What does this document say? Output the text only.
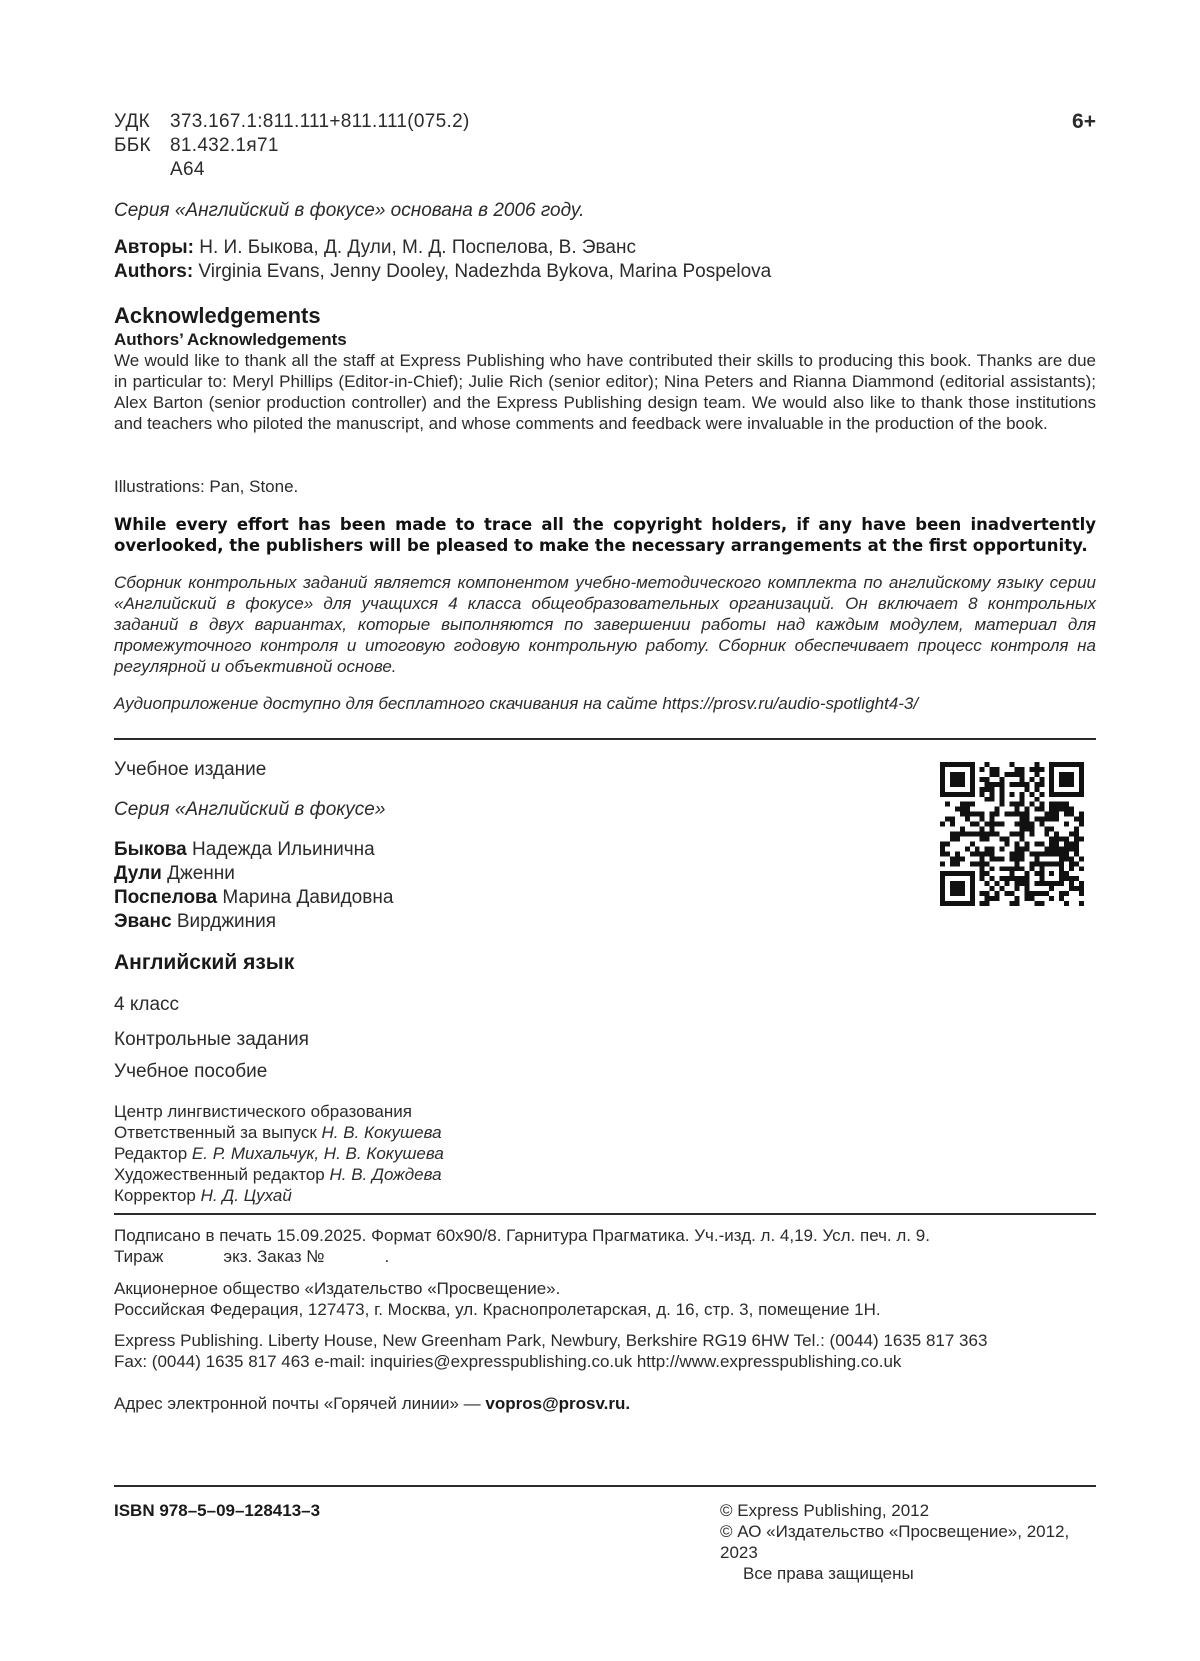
УДК	373.167.1:811.111+811.111(075.2)
ББК	81.432.1я71
А64
6+
Серия «Английский в фокусе» основана в 2006 году.
Авторы: Н. И. Быкова, Д. Дули, М. Д. Поспелова, В. Эванс
Authors: Virginia Evans, Jenny Dooley, Nadezhda Bykova, Marina Pospelova
Acknowledgements
Authors’ Acknowledgements
We would like to thank all the staff at Express Publishing who have contributed their skills to producing this book. Thanks are due in particular to: Meryl Phillips (Editor-in-Chief); Julie Rich (senior editor); Nina Peters and Rianna Diammond (editorial assistants); Alex Barton (senior production controller) and the Express Publishing design team. We would also like to thank those institutions and teachers who piloted the manuscript, and whose comments and feedback were invaluable in the production of the book.
Illustrations: Pan, Stone.
While every effort has been made to trace all the copyright holders, if any have been inadvertently overlooked, the publishers will be pleased to make the necessary arrangements at the first opportunity.
Сборник контрольных заданий является компонентом учебно-методического комплекта по английскому языку серии «Английский в фокусе» для учащихся 4 класса общеобразовательных организаций. Он включает 8 контрольных заданий в двух вариантах, которые выполняются по завершении работы над каждым модулем, материал для промежуточного контроля и итоговую годовую контрольную работу. Сборник обеспечивает процесс контроля на регулярной и объективной основе.
Аудиоприложение доступно для бесплатного скачивания на сайте https://prosv.ru/audio-spotlight4-3/
Учебное издание
Серия «Английский в фокусе»
Быкова Надежда Ильинична
Дули Дженни
Поспелова Марина Давидовна
Эванс Вирджиния
Английский язык
4 класс
Контрольные задания
Учебное пособие
Центр лингвистического образования
Ответственный за выпуск Н. В. Кокушева
Редактор Е. Р. Михальчук, Н. В. Кокушева
Художественный редактор Н. В. Дождева
Корректор Н. Д. Цухай
Подписано в печать 15.09.2025. Формат 60х90/8. Гарнитура Прагматика. Уч.-изд. л. 4,19. Усл. печ. л. 9.
Тираж	экз. Заказ №	.
Акционерное общество «Издательство «Просвещение».
Российская Федерация, 127473, г. Москва, ул. Краснопролетарская, д. 16, стр. 3, помещение 1Н.
Express Publishing. Liberty House, New Greenham Park, Newbury, Berkshire RG19 6HW Tel.: (0044) 1635 817 363
Fax: (0044) 1635 817 463 e-mail: inquiries@expresspublishing.co.uk http://www.expresspublishing.co.uk
Адрес электронной почты «Горячей линии» — vopros@prosv.ru.
ISBN 978–5–09–128413–3	© Express Publishing, 2012
© АО «Издательство «Просвещение», 2012, 2023
Все права защищены
